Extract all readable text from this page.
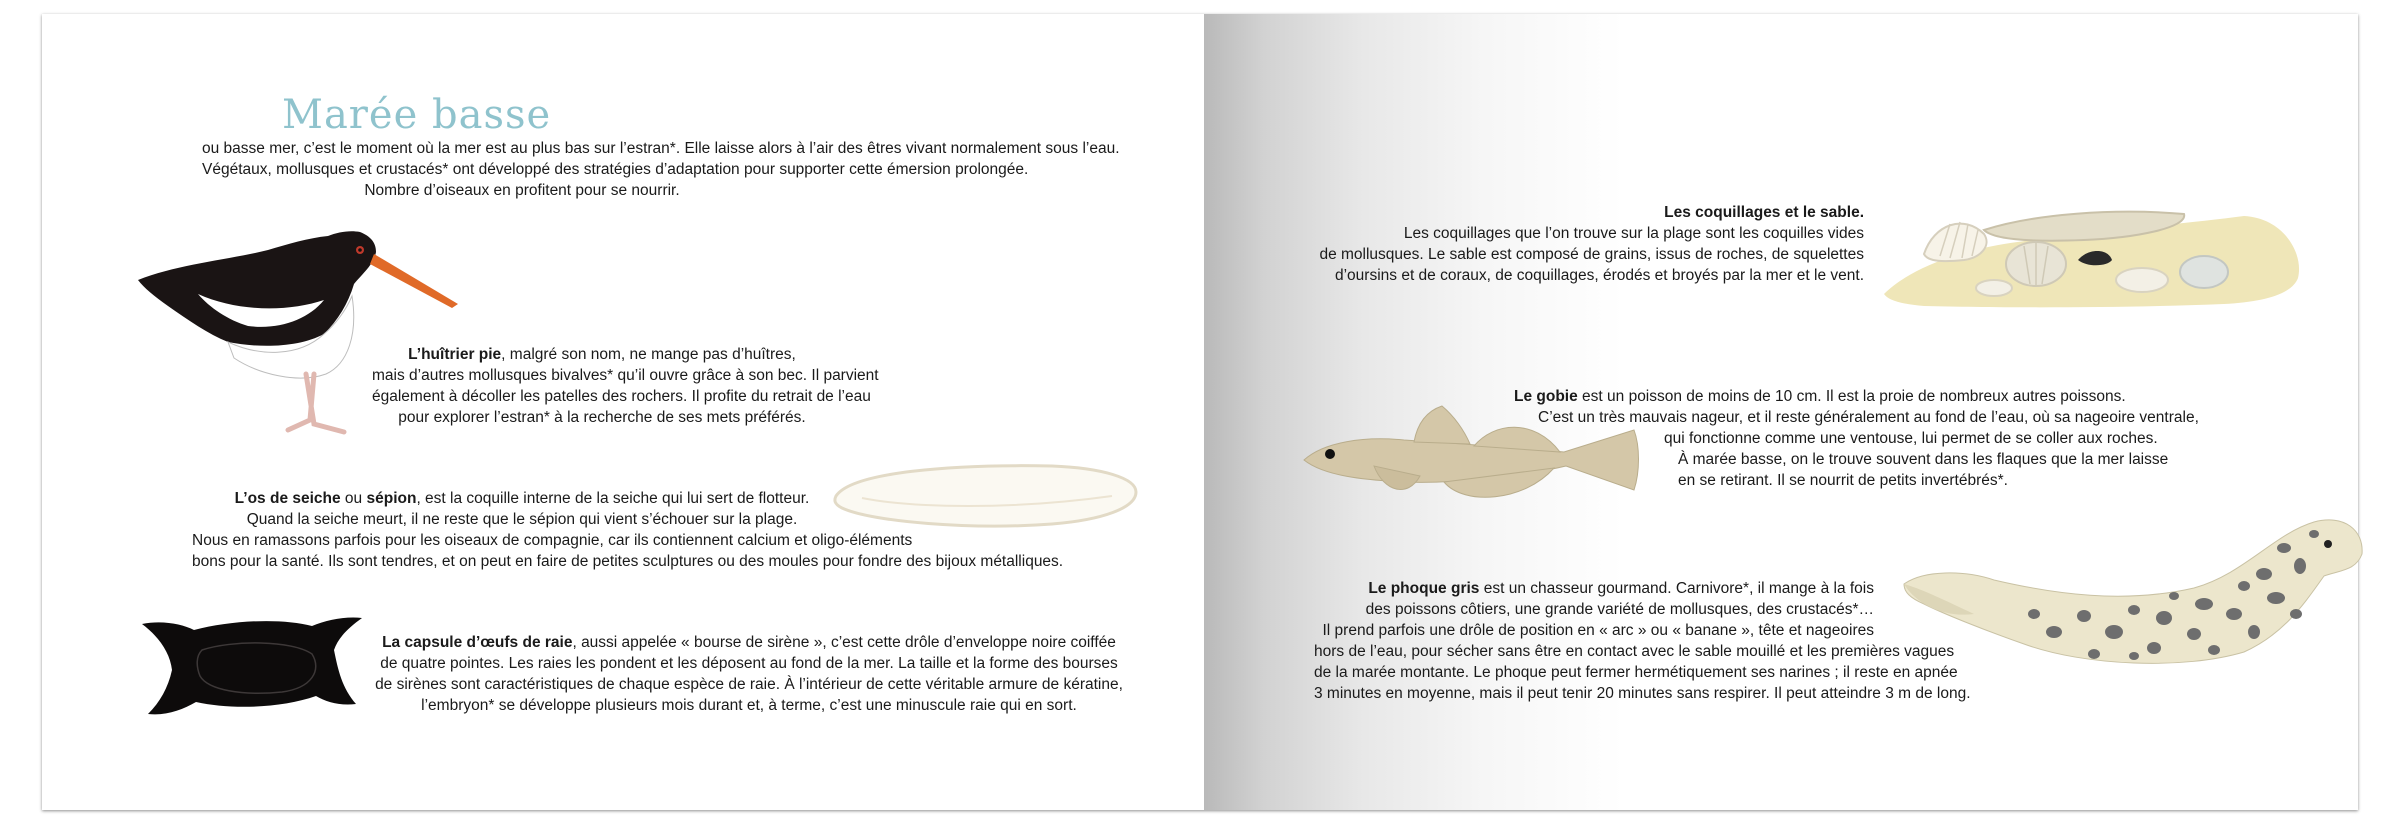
Marée basse
ou basse mer, c’est le moment où la mer est au plus bas sur l’estran*. Elle laisse alors à l’air des êtres vivant normalement sous l’eau.
Végétaux, mollusques et crustacés* ont développé des stratégies d’adaptation pour supporter cette émersion prolongée.
Nombre d’oiseaux en profitent pour se nourrir.
L’huîtrier pie, malgré son nom, ne mange pas d’huîtres,
mais d’autres mollusques bivalves* qu’il ouvre grâce à son bec. Il parvient
également à décoller les patelles des rochers. Il profite du retrait de l’eau
pour explorer l’estran* à la recherche de ses mets préférés.
L’os de seiche ou sépion, est la coquille interne de la seiche qui lui sert de flotteur.
Quand la seiche meurt, il ne reste que le sépion qui vient s’échouer sur la plage.
Nous en ramassons parfois pour les oiseaux de compagnie, car ils contiennent calcium et oligo-éléments
bons pour la santé. Ils sont tendres, et on peut en faire de petites sculptures ou des moules pour fondre des bijoux métalliques.
La capsule d’œufs de raie, aussi appelée « bourse de sirène », c’est cette drôle d’enveloppe noire coiffée
de quatre pointes. Les raies les pondent et les déposent au fond de la mer. La taille et la forme des bourses
de sirènes sont caractéristiques de chaque espèce de raie. À l’intérieur de cette véritable armure de kératine,
l’embryon* se développe plusieurs mois durant et, à terme, c’est une minuscule raie qui en sort.
Les coquillages et le sable.
Les coquillages que l’on trouve sur la plage sont les coquilles vides
de mollusques. Le sable est composé de grains, issus de roches, de squelettes
d’oursins et de coraux, de coquillages, érodés et broyés par la mer et le vent.
Le gobie est un poisson de moins de 10 cm. Il est la proie de nombreux autres poissons.
C’est un très mauvais nageur, et il reste généralement au fond de l’eau, où sa nageoire ventrale,
qui fonctionne comme une ventouse, lui permet de se coller aux roches.
À marée basse, on le trouve souvent dans les flaques que la mer laisse
en se retirant. Il se nourrit de petits invertébrés*.
Le phoque gris est un chasseur gourmand. Carnivore*, il mange à la fois
des poissons côtiers, une grande variété de mollusques, des crustacés*…
Il prend parfois une drôle de position en « arc » ou « banane », tête et nageoires
hors de l’eau, pour sécher sans être en contact avec le sable mouillé et les premières vagues
de la marée montante. Le phoque peut fermer hermétiquement ses narines ; il reste en apnée
3 minutes en moyenne, mais il peut tenir 20 minutes sans respirer. Il peut atteindre 3 m de long.
